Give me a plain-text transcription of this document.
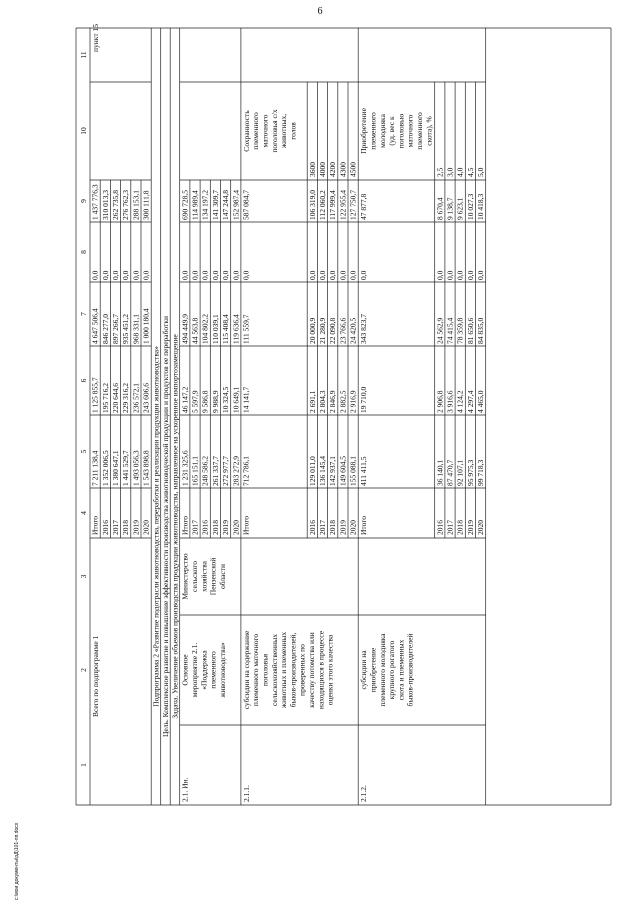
6
1
2
3
4
5
6
7
8
9
10
11
Итого
7 211 138,4
1 125 855,7
4 647 506,4
0,0
1 437 776,3
2016
1 352 006,5
195 716,2
846 277,0
0,0
310 013,3
2017
1 380 647,1
220 644,6
897 266,7
0,0
262 735,8
2018
1 441 529,7
229 316,2
935 451,2
0,0
276 762,3
2019
1 493 056,3
236 572,1
968 331,1
0,0
288 153,1
2020
1 543 898,8
243 606,6
1 000 180,4
0,0
300 111,8
Всего по подпрограмме 1
пункт 15
Подпрограмма 2 «Развитие подотрасли животноводства, переработки и реализации продукции животноводства» Цель. Комплексное развитие и повышение эффективности производства животноводческой продукции и продуктов ее переработки Задача. Увеличение объемов производства продукции животноводства, направленное на ускоренное импортозамещение Итого
1 231 325,6
46 147,2
494 449,9
0,0
690 728,5
2017
165 151,1
5 597,9
44 563,8
0,0
114 989,4
2016
248 586,2
9 586,8
104 802,2
0,0
134 197,2
2018
261 337,7
9 988,9
110 039,1
0,0
141 309,7
2019
272 977,7
10 324,5
115 408,4
0,0
147 244,8
2020
283 272,9
10 649,1
119 636,4
0,0
152 987,4
2.1. Ин.
Основное мероприятие 2.1. «Поддержка племенного животноводства»
Министерство сельского хозяйства Пензенской области
Итого
712 786,1
14 141,7
111 559,7
0,0
587 084,7
2016
129 011,0
2 691,1
20 000,9
0,0
106 319,0
3600
2017
136 145,4
2 804,3
21 280,9
0,0
112 060,2
4000
2018
142 937,1
2 846,9
22 090,8
0,0
117 999,4
4200
2019
149 604,5
2 882,5
23 766,6
0,0
122 955,4
4300
2020
155 088,1
2 916,9
24 420,5
0,0
127 750,7
4500
2.1.1.
субсидии на содержание племенного маточного поголовья сельскохозяйственных животных и племенных быков-производителей, проверенных по качеству потомства или находящихся в процессе оценки этого качества
Сохранность племенного маточного поголовья с/х животных, голов
Итого
411 411,5
19 710,0
343 823,7
0,0
47 877,8
2016
36 140,1
2 906,8
24 562,9
0,0
8 670,4
2,5
2017
87 470,7
3 916,6
74 415,4
0,0
9 138,7
3,0
2018
92 107,1
4 124,2
78 359,8
0,0
9 623,1
4,0
2019
95 975,3
4 297,4
81 650,6
0,0
10 027,3
4,5
2020
99 718,3
4 465,0
84 835,0
0,0
10 418,3
5,0
2.1.2.
субсидии на приобретение племенного молодняка крупного рогатого скота и племенных быков-производителей
Приобретение племенного молодняка (уд. вес к поголовью маточного племенного скота), %
c:\мои документы\рД\101-пп.docx
